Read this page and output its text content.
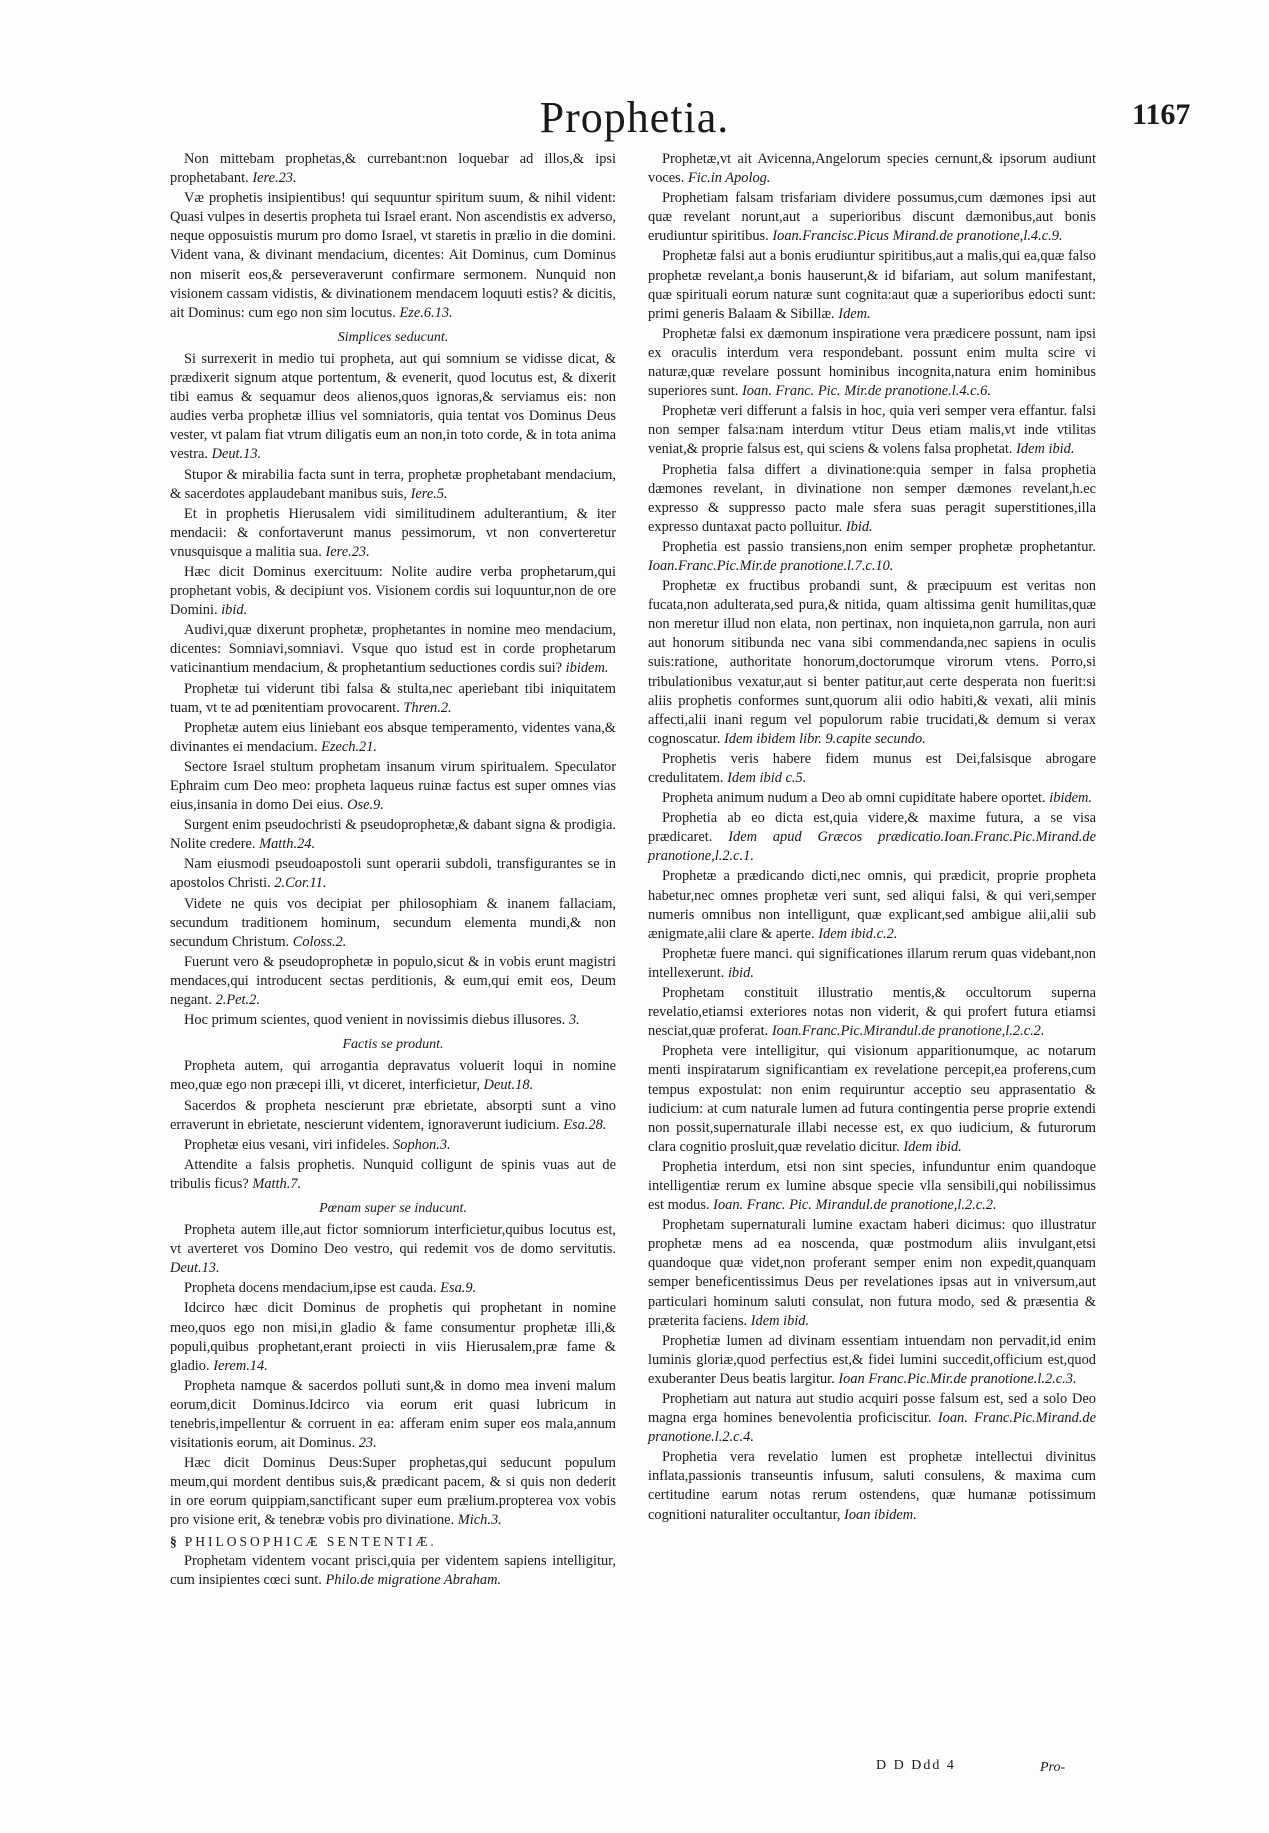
Prophetia.	1167

Non mittebam prophetas,& currebant:non loquebar ad illos,& ipsi prophetabant. Iere.23.

Væ prophetis insipientibus! qui sequuntur spiritum suum, & nihil vident: Quasi vulpes in desertis propheta tui Israel erant. Non ascendistis ex adverso, neque opposuistis murum pro domo Israel, vt staretis in prælio in die domini. Vident vana, & divinant mendacium, dicentes: Ait Dominus, cum Dominus non miserit eos,& perseveraverunt confirmare sermonem. Nunquid non visionem cassam vidistis, & divinationem mendacem loquuti estis? & dicitis, ait Dominus: cum ego non sim locutus. Eze.6.13.

Simplices seducunt.

Si surrexerit in medio tui propheta, aut qui somnium se vidisse dicat, & prædixerit signum atque portentum, & evenerit, quod locutus est, & dixerit tibi eamus & sequamur deos alienos,quos ignoras,& serviamus eis: non audies verba prophetæ illius vel somniatoris, quia tentat vos Dominus Deus vester, vt palam fiat vtrum diligatis eum an non,in toto corde, & in tota anima vestra. Deut.13.

Stupor & mirabilia facta sunt in terra, prophetæ prophetabant mendacium, & sacerdotes applaudebant manibus suis, Iere.5.

Et in prophetis Hierusalem vidi similitudinem adulterantium, & iter mendacii: & confortaverunt manus pessimorum, vt non converteretur vnusquisque a malitia sua. Iere.23.

Hæc dicit Dominus exercituum: Nolite audire verba prophetarum,qui prophetant vobis, & decipiunt vos. Visionem cordis sui loquuntur,non de ore Domini. ibid.

Audivi,quæ dixerunt prophetæ, prophetantes in nomine meo mendacium, dicentes: Somniavi,somniavi. Vsque quo istud est in corde prophetarum vaticinantium mendacium, & prophetantium seductiones cordis sui? ibidem.

Prophetæ tui viderunt tibi falsa & stulta,nec aperiebant tibi iniquitatem tuam, vt te ad pœnitentiam provocarent. Thren.2.

Prophetæ autem eius liniebant eos absque temperamento, videntes vana,& divinantes ei mendacium. Ezech.21.

Sectore Israel stultum prophetam insanum virum spiritualem. Speculator Ephraim cum Deo meo: propheta laqueus ruinæ factus est super omnes vias eius,insania in domo Dei eius. Ose.9.

Surgent enim pseudochristi & pseudoprophetæ,& dabant signa & prodigia. Nolite credere. Matth.24.

Nam eiusmodi pseudoapostoli sunt operarii subdoli, transfigurantes se in apostolos Christi. 2.Cor.11.

Videte ne quis vos decipiat per philosophiam & inanem fallaciam, secundum traditionem hominum, secundum elementa mundi,& non secundum Christum. Coloss.2.

Fuerunt vero & pseudoprophetæ in populo,sicut & in vobis erunt magistri mendaces,qui introducent sectas perditionis, & eum,qui emit eos, Deum negant. 2.Pet.2.

Hoc primum scientes, quod venient in novissimis diebus illusores. 3.

Factis se produnt.

Propheta autem, qui arrogantia depravatus voluerit loqui in nomine meo,quæ ego non præcepi illi, vt diceret, interficietur, Deut.18.

Sacerdos & propheta nescierunt præ ebrietate, absorpti sunt a vino erraverunt in ebrietate, nescierunt videntem, ignoraverunt iudicium. Esa.28.

Prophetæ eius vesani, viri infideles. Sophon.3.

Attendite a falsis prophetis. Nunquid colligunt de spinis vuas aut de tribulis ficus? Matth.7.

Pœnam super se inducunt.

Propheta autem ille,aut fictor somniorum interficietur,quibus locutus est, vt averteret vos Domino Deo vestro, qui redemit vos de domo servitutis. Deut.13.

Propheta docens mendacium,ipse est cauda. Esa.9.

Idcirco hæc dicit Dominus de prophetis qui prophetant in nomine meo,quos ego non misi,in gladio & fame consumentur prophetæ illi,& populi,quibus prophetant,erant proiecti in viis Hierusalem,præ fame & gladio. Ierem.14.

Propheta namque & sacerdos polluti sunt,& in domo mea inveni malum eorum,dicit Dominus.Idcirco via eorum erit quasi lubricum in tenebris,impellentur & corruent in ea: afferam enim super eos mala,annum visitationis eorum, ait Dominus. 23.

Hæc dicit Dominus Deus:Super prophetas,qui seducunt populum meum,qui mordent dentibus suis,& prædicant pacem, & si quis non dederit in ore eorum quippiam,sanctificant super eum prælium.propterea vox vobis pro visione erit, & tenebræ vobis pro divinatione. Mich.3.

§ PHILOSOPHICÆ SENTENTIÆ.

Prophetam videntem vocant prisci,quia per videntem sapiens intelligitur, cum insipientes cœci sunt. Philo.de migratione Abraham.

Prophetæ,vt ait Avicenna,Angelorum species cernunt,& ipsorum audiunt voces. Fic.in Apolog.

Prophetiam falsam trisfariam dividere possumus,cum dæmones ipsi aut quæ revelant norunt,aut a superioribus discunt dæmonibus,aut bonis erudiuntur spiritibus. Ioan.Francisc.Picus Mirand.de pranotione,l.4.c.9.

Prophetæ falsi aut a bonis erudiuntur spiritibus,aut a malis,qui ea,quæ falso prophetæ revelant,a bonis hauserunt,& id bifariam, aut solum manifestant, quæ spirituali eorum naturæ sunt cognita:aut quæ a superioribus edocti sunt: primi generis Balaam & Sibillæ. Idem.

Prophetæ falsi ex dæmonum inspiratione vera prædicere possunt, nam ipsi ex oraculis interdum vera respondebant. possunt enim multa scire vi naturæ,quæ revelare possunt hominibus incognita,natura enim hominibus superiores sunt. Ioan. Franc. Pic. Mir.de pranotione.l.4.c.6.

Prophetæ veri differunt a falsis in hoc, quia veri semper vera effantur. falsi non semper falsa:nam interdum vtitur Deus etiam malis,vt inde vtilitas veniat,& proprie falsus est, qui sciens & volens falsa prophetat. Idem ibid.

Prophetia falsa differt a divinatione:quia semper in falsa prophetia dæmones revelant, in divinatione non semper dæmones revelant,h.ec expresso & suppresso pacto male sfera suas peragit superstitiones,illa expresso duntaxat pacto polluitur. Ibid.

Prophetia est passio transiens,non enim semper prophetæ prophetantur. Ioan.Franc.Pic.Mir.de pranotione.l.7.c.10.

Prophetæ ex fructibus probandi sunt, & præcipuum est veritas non fucata,non adulterata,sed pura,& nitida, quam altissima genit humilitas,quæ non meretur illud non elata, non pertinax, non inquieta,non garrula, non auri aut honorum sitibunda nec vana sibi commendanda,nec sapiens in oculis suis:ratione, authoritate honorum,doctorumque virorum vtens. Porro,si tribulationibus vexatur,aut si benter patitur,aut certe desperata non fuerit:si aliis prophetis conformes sunt,quorum alii odio habiti,& vexati, alii minis affecti,alii inani regum vel populorum rabie trucidati,& demum si verax cognoscatur. Idem ibidem libr. 9.capite secundo.

Prophetis veris habere fidem munus est Dei,falsisque abrogare credulitatem. Idem ibid c.5.

Propheta animum nudum a Deo ab omni cupiditate habere oportet. ibidem.

Prophetia ab eo dicta est,quia videre,& maxime futura, a se visa prædicaret. Idem apud Græcos prædicatio.Ioan.Franc.Pic.Mirand.de pranotione,l.2.c.1.

Prophetæ a prædicando dicti,nec omnis, qui prædicit, proprie propheta habetur,nec omnes prophetæ veri sunt, sed aliqui falsi, & qui veri,semper numeris omnibus non intelligunt, quæ explicant,sed ambigue alii,alii sub ænigmate,alii clare & aperte. Idem ibid.c.2.

Prophetæ fuere manci. qui significationes illarum rerum quas videbant,non intellexerunt. ibid.

Prophetam constituit illustratio mentis,& occultorum superna revelatio,etiamsi exteriores notas non viderit, & qui profert futura etiamsi nesciat,quæ proferat. Ioan.Franc.Pic.Mirandul.de pranotione,l.2.c.2.

Propheta vere intelligitur, qui visionum apparitionumque, ac notarum menti inspiratarum significantiam ex revelatione percepit,ea proferens,cum tempus expostulat: non enim requiruntur acceptio seu apprasentatio & iudicium: at cum naturale lumen ad futura contingentia perse proprie extendi non possit,supernaturale illabi necesse est, ex quo iudicium, & futurorum clara cognitio prosluit,quæ revelatio dicitur. Idem ibid.

Prophetia interdum, etsi non sint species, infunduntur enim quandoque intelligentiæ rerum ex lumine absque specie vlla sensibili,qui nobilissimus est modus. Ioan. Franc. Pic. Mirandul.de pranotione,l.2.c.2.

Prophetam supernaturali lumine exactam haberi dicimus: quo illustratur prophetæ mens ad ea noscenda, quæ postmodum aliis invulgant,etsi quandoque quæ videt,non proferant semper enim non expedit,quanquam semper beneficentissimus Deus per revelationes ipsas aut in vniversum,aut particulari hominum saluti consulat, non futura modo, sed & præsentia & præterita faciens. Idem ibid.

Prophetiæ lumen ad divinam essentiam intuendam non pervadit,id enim luminis gloriæ,quod perfectius est,& fidei lumini succedit,officium est,quod exuberanter Deus beatis largitur. Ioan Franc.Pic.Mir.de pranotione.l.2.c.3.

Prophetiam aut natura aut studio acquiri posse falsum est, sed a solo Deo magna erga homines benevolentia proficiscitur. Ioan. Franc.Pic.Mirand.de pranotione.l.2.c.4.

Prophetia vera revelatio lumen est prophetæ intellectui divinitus inflata,passionis transeuntis infusum, saluti consulens, & maxima cum certitudine earum notas rerum ostendens, quæ humanæ potissimum cognitioni naturaliter occultantur, Ioan ibidem.

D D Ddd 4	Pro-
